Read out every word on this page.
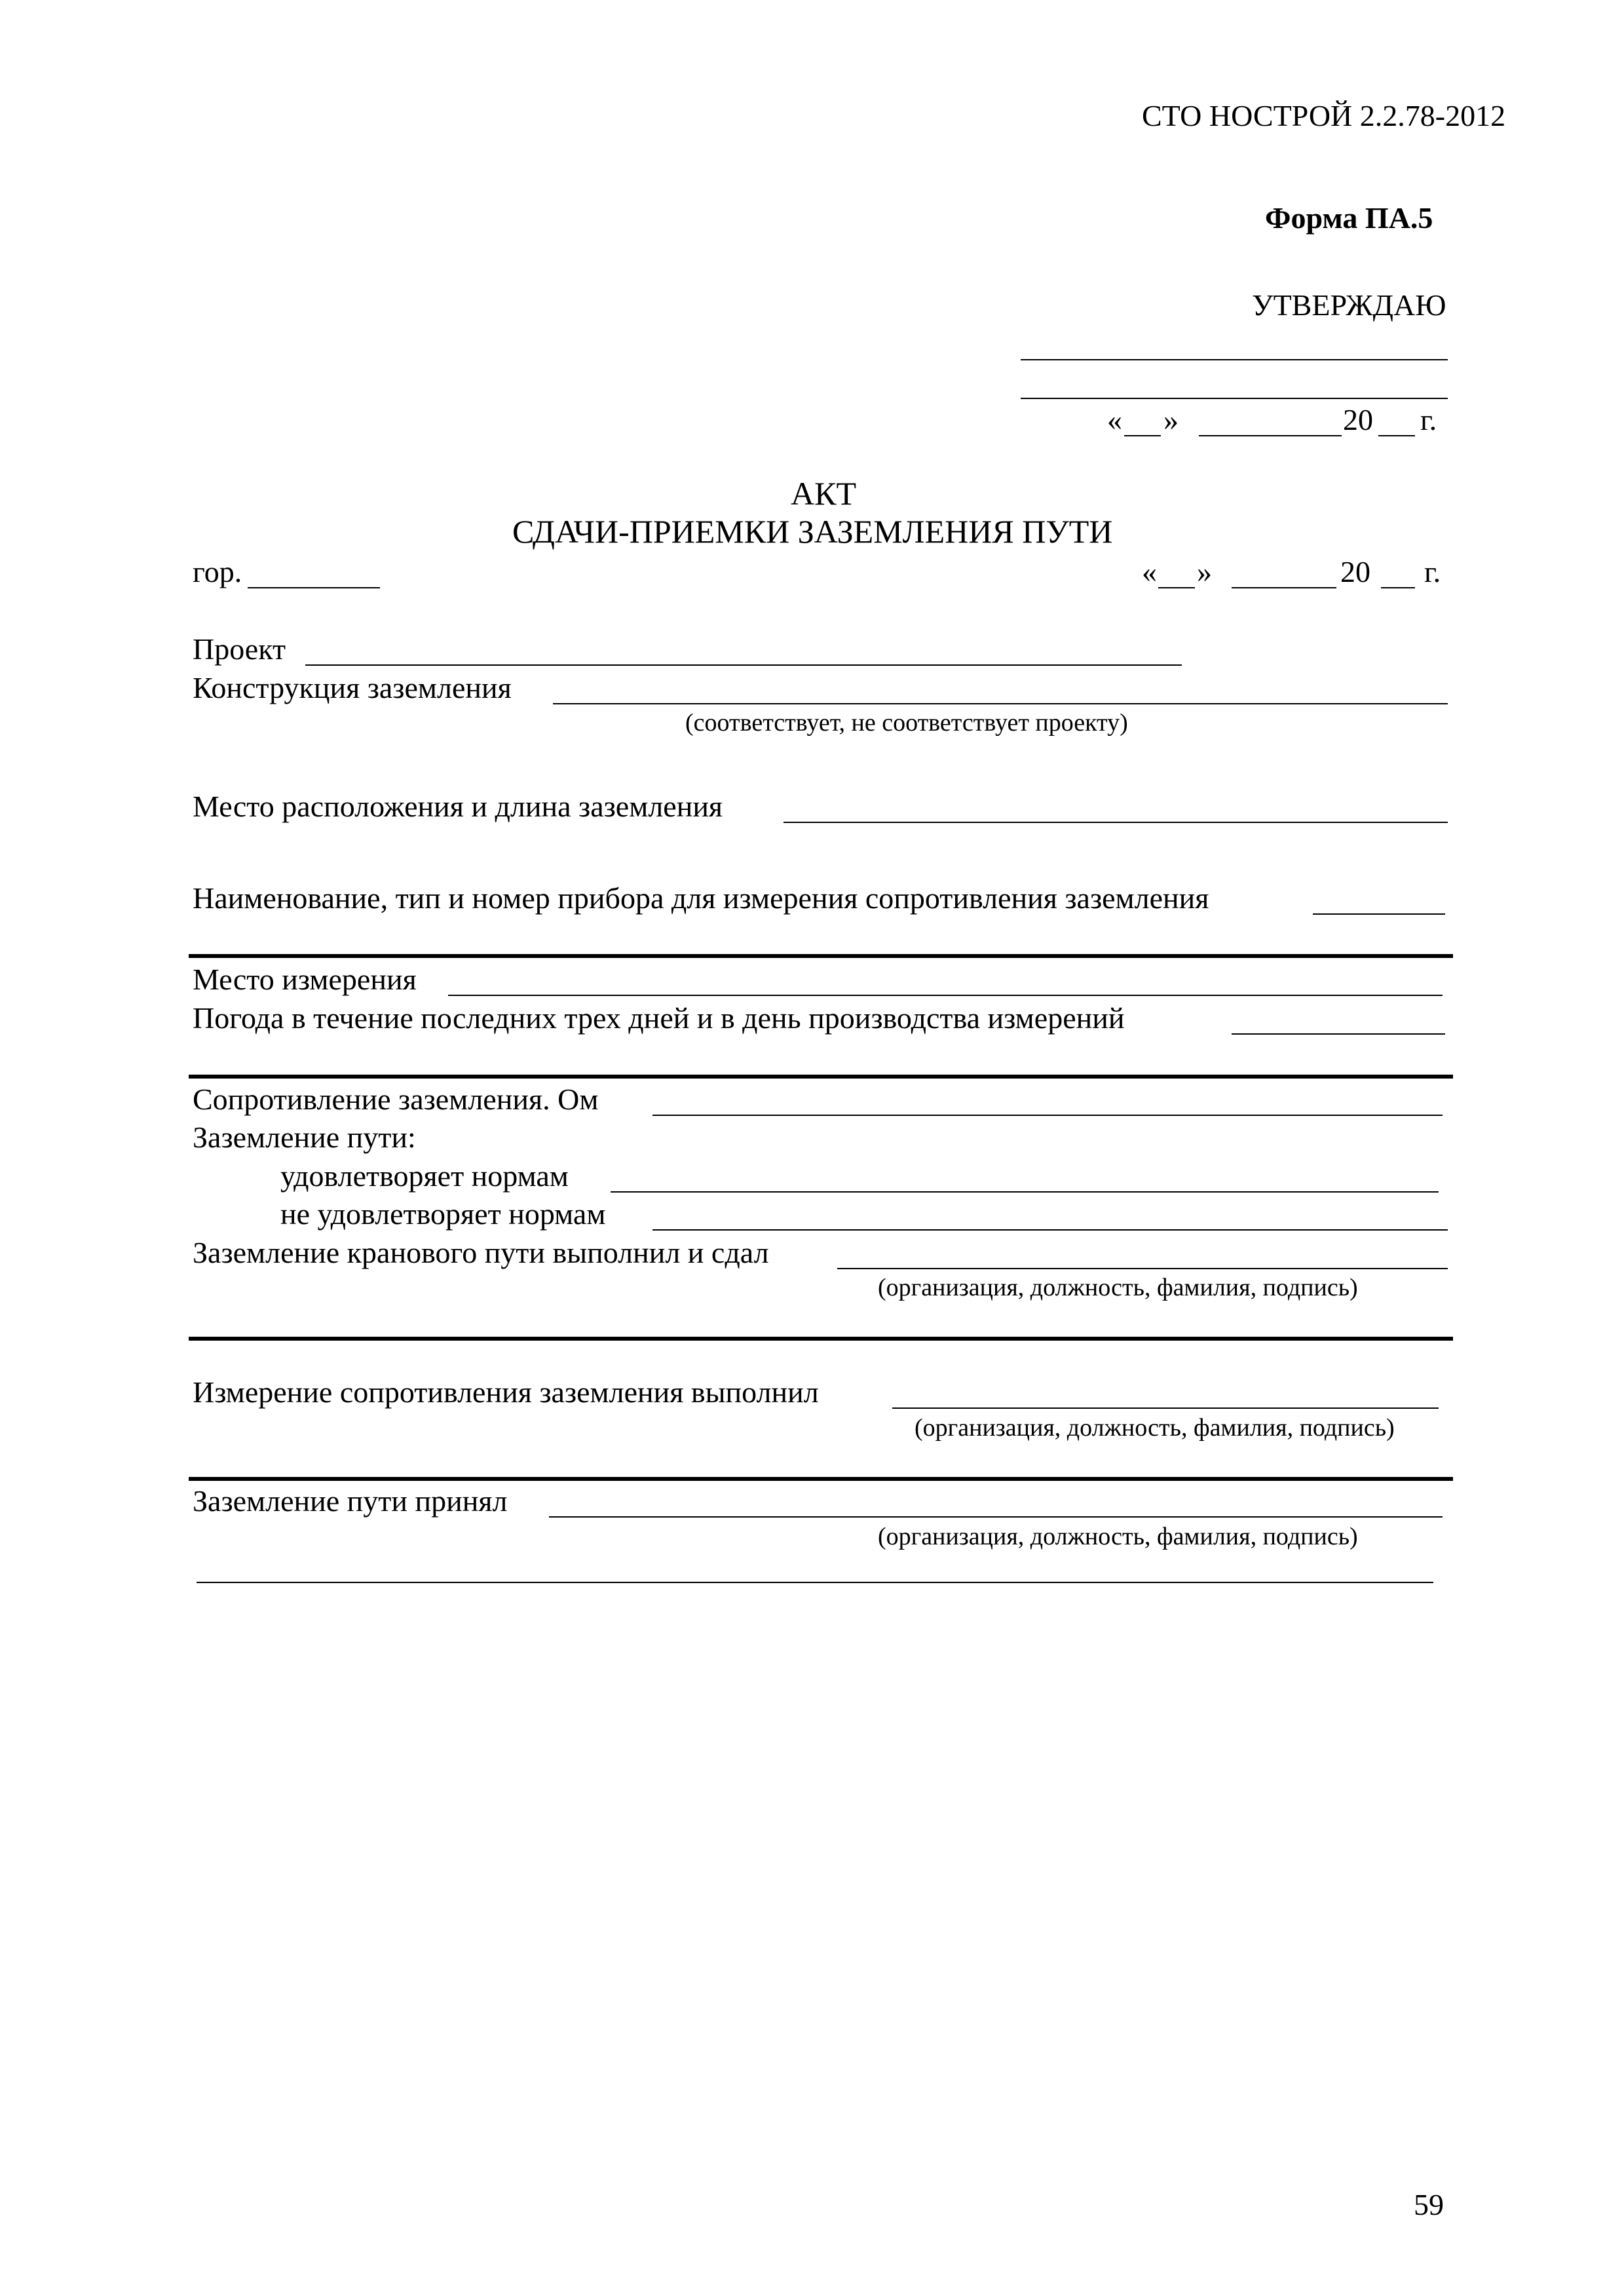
СТО НОСТРОЙ 2.2.78-2012
Форма ПА.5
УТВЕРЖДАЮ
« »	20 г.
АКТ
СДАЧИ-ПРИЕМКИ ЗАЗЕМЛЕНИЯ ПУТИ
гор.	« »	20 г.
Проект
Конструкция заземления
(соответствует, не соответствует проекту)
Место расположения и длина заземления
Наименование, тип и номер прибора для измерения сопротивления заземления
Место измерения
Погода в течение последних трех дней и в день производства измерений
Сопротивление заземления. Ом
Заземление пути:
удовлетворяет нормам
не удовлетворяет нормам
Заземление кранового пути выполнил и сдал
(организация, должность, фамилия, подпись)
Измерение сопротивления заземления выполнил
(организация, должность, фамилия, подпись)
Заземление пути принял
(организация, должность, фамилия, подпись)
59
